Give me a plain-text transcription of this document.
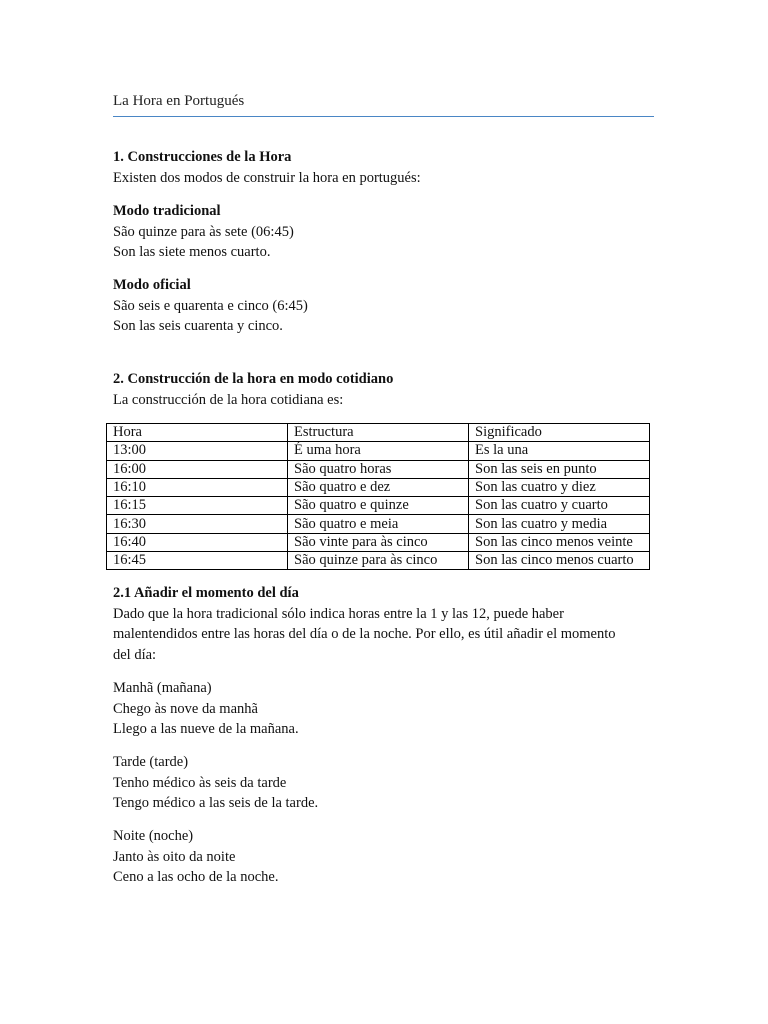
La Hora en Portugués
1. Construcciones de la Hora
Existen dos modos de construir la hora en portugués:
Modo tradicional
São quinze para às sete (06:45)
Son las siete menos cuarto.
Modo oficial
São seis e quarenta e cinco (6:45)
Son las seis cuarenta y cinco.
2. Construcción de la hora en modo cotidiano
La construcción de la hora cotidiana es:
Hora	Estructura	Significado
13:00	É uma hora	Es la una
16:00	São quatro horas	Son las seis en punto
16:10	São quatro e dez	Son las cuatro y diez
16:15	São quatro e quinze	Son las cuatro y cuarto
16:30	São quatro e meia	Son las cuatro y media
16:40	São vinte para às cinco	Son las cinco menos veinte
16:45	São quinze para às cinco	Son las cinco menos cuarto
2.1 Añadir el momento del día
Dado que la hora tradicional sólo indica horas entre la 1 y las 12, puede haber
malentendidos entre las horas del día o de la noche. Por ello, es útil añadir el momento
del día:
Manhã (mañana)
Chego às nove da manhã
Llego a las nueve de la mañana.
Tarde (tarde)
Tenho médico às seis da tarde
Tengo médico a las seis de la tarde.
Noite (noche)
Janto às oito da noite
Ceno a las ocho de la noche.
